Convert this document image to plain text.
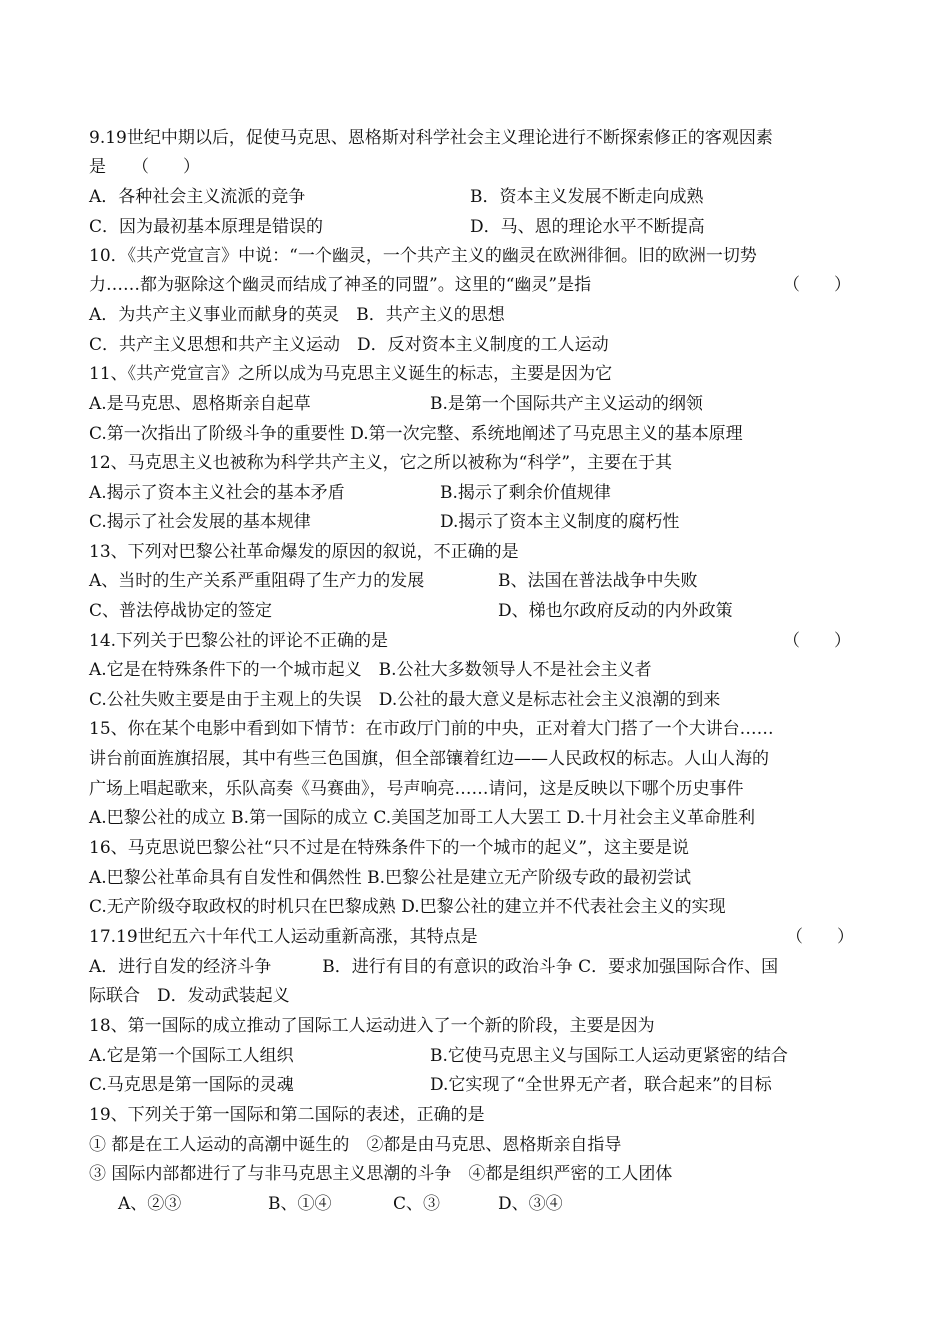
9.19世纪中期以后，促使马克思、恩格斯对科学社会主义理论进行不断探索修正的客观因素
是 （　　）
A．各种社会主义流派的竞争	B．资本主义发展不断走向成熟
C．因为最初基本原理是错误的	D．马、恩的理论水平不断提高
10．《共产党宣言》中说：“一个幽灵，一个共产主义的幽灵在欧洲徘徊。旧的欧洲一切势
力……都为驱除这个幽灵而结成了神圣的同盟”。这里的“幽灵”是指	（　　）
A．为共产主义事业而献身的英灵　B．共产主义的思想
C．共产主义思想和共产主义运动　D．反对资本主义制度的工人运动
11、《共产党宣言》之所以成为马克思主义诞生的标志，主要是因为它
A.是马克思、恩格斯亲自起草	B.是第一个国际共产主义运动的纲领
C.第一次指出了阶级斗争的重要性 D.第一次完整、系统地阐述了马克思主义的基本原理
12、马克思主义也被称为科学共产主义，它之所以被称为“科学”，主要在于其
A.揭示了资本主义社会的基本矛盾	B.揭示了剩余价值规律
C.揭示了社会发展的基本规律	D.揭示了资本主义制度的腐朽性
13、下列对巴黎公社革命爆发的原因的叙说，不正确的是
A、当时的生产关系严重阻碍了生产力的发展	B、法国在普法战争中失败
C、普法停战协定的签定	D、梯也尔政府反动的内外政策
14.下列关于巴黎公社的评论不正确的是	（　　）
A.它是在特殊条件下的一个城市起义　B.公社大多数领导人不是社会主义者
C.公社失败主要是由于主观上的失误　D.公社的最大意义是标志社会主义浪潮的到来
15、你在某个电影中看到如下情节：在市政厅门前的中央，正对着大门搭了一个大讲台……
讲台前面旌旗招展，其中有些三色国旗，但全部镶着红边——人民政权的标志。人山人海的
广场上唱起歌来，乐队高奏《马赛曲》，号声响亮……请问，这是反映以下哪个历史事件
A.巴黎公社的成立 B.第一国际的成立 C.美国芝加哥工人大罢工 D.十月社会主义革命胜利
16、马克思说巴黎公社“只不过是在特殊条件下的一个城市的起义”，这主要是说
A.巴黎公社革命具有自发性和偶然性 B.巴黎公社是建立无产阶级专政的最初尝试
C.无产阶级夺取政权的时机只在巴黎成熟 D.巴黎公社的建立并不代表社会主义的实现
17.19世纪五六十年代工人运动重新高涨，其特点是	（　　）
A．进行自发的经济斗争　　　B．进行有目的有意识的政治斗争 C．要求加强国际合作、国
际联合　D．发动武装起义
18、第一国际的成立推动了国际工人运动进入了一个新的阶段，主要是因为
A.它是第一个国际工人组织	B.它使马克思主义与国际工人运动更紧密的结合
C.马克思是第一国际的灵魂	D.它实现了“全世界无产者，联合起来”的目标
19、下列关于第一国际和第二国际的表述，正确的是
① 都是在工人运动的高潮中诞生的　②都是由马克思、恩格斯亲自指导
③ 国际内部都进行了与非马克思主义思潮的斗争　④都是组织严密的工人团体
A、②③	B、①④	C、③	D、③④
